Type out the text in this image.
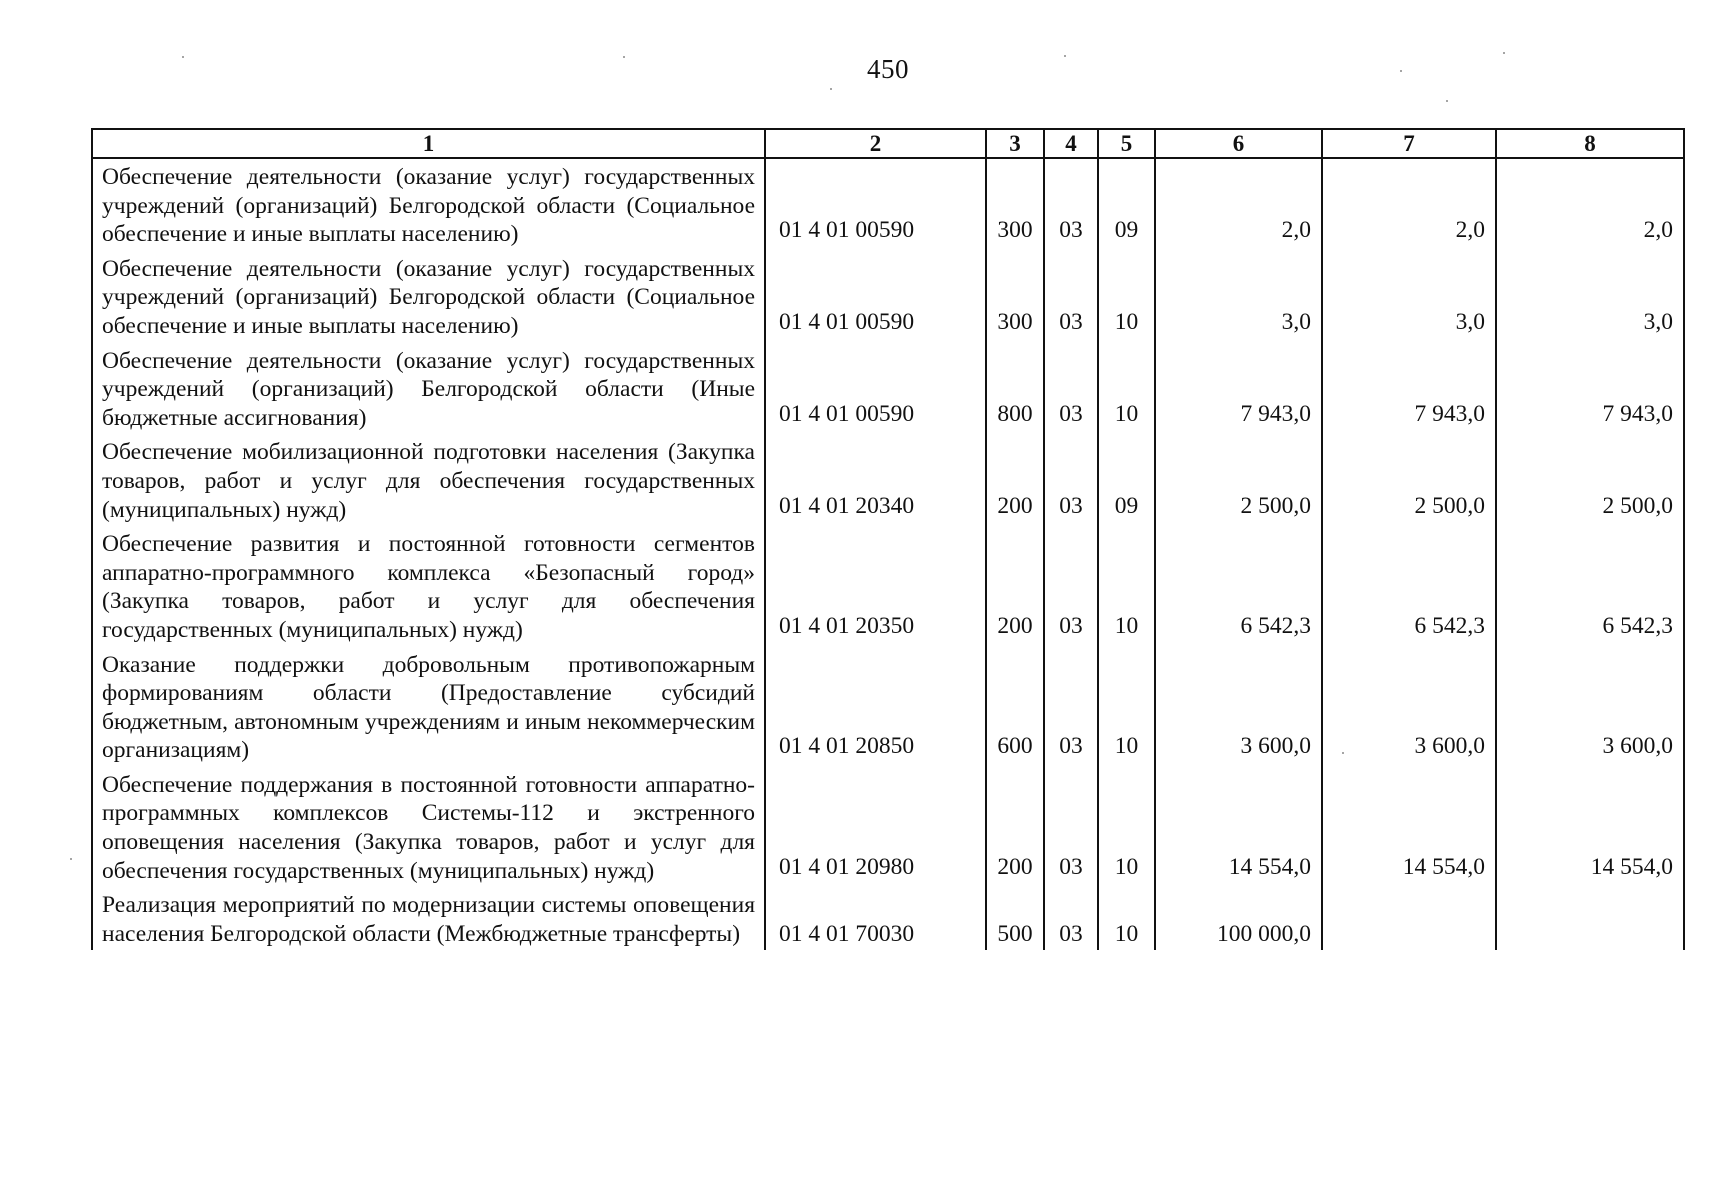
450
1	2	3	4	5	6	7	8
Обеспечение деятельности (оказание услуг) государственных учреждений (организаций) Белгородской области (Социальное обеспечение и иные выплаты населению)	01 4 01 00590	300	03	09	2,0	2,0	2,0
Обеспечение деятельности (оказание услуг) государственных учреждений (организаций) Белгородской области (Социальное обеспечение и иные выплаты населению)	01 4 01 00590	300	03	10	3,0	3,0	3,0
Обеспечение деятельности (оказание услуг) государственных учреждений (организаций) Белгородской области (Иные бюджетные ассигнования)	01 4 01 00590	800	03	10	7 943,0	7 943,0	7 943,0
Обеспечение мобилизационной подготовки населения (Закупка товаров, работ и услуг для обеспечения государственных (муниципальных) нужд)	01 4 01 20340	200	03	09	2 500,0	2 500,0	2 500,0
Обеспечение развития и постоянной готовности сегментов аппаратно-программного комплекса «Безопасный город» (Закупка товаров, работ и услуг для обеспечения государственных (муниципальных) нужд)	01 4 01 20350	200	03	10	6 542,3	6 542,3	6 542,3
Оказание поддержки добровольным противопожарным формированиям области (Предоставление субсидий бюджетным, автономным учреждениям и иным некоммерческим организациям)	01 4 01 20850	600	03	10	3 600,0	3 600,0	3 600,0
Обеспечение поддержания в постоянной готовности аппаратно-программных комплексов Системы-112 и экстренного оповещения населения (Закупка товаров, работ и услуг для обеспечения государственных (муниципальных) нужд)	01 4 01 20980	200	03	10	14 554,0	14 554,0	14 554,0
Реализация мероприятий по модернизации системы оповещения населения Белгородской области (Межбюджетные трансферты)	01 4 01 70030	500	03	10	100 000,0		
